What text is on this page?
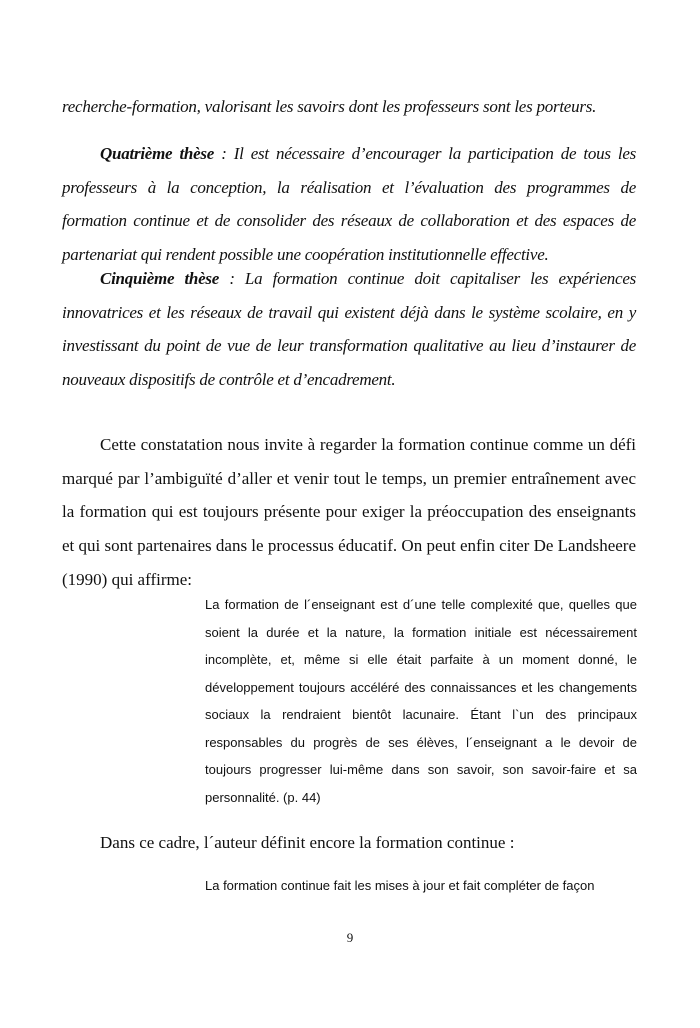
recherche-formation, valorisant les savoirs dont les professeurs sont les porteurs.

Quatrième thèse : Il est nécessaire d’encourager la participation de tous les professeurs à la conception, la réalisation et l’évaluation des programmes de formation continue et de consolider des réseaux de collaboration et des espaces de partenariat qui rendent possible une coopération institutionnelle effective.

Cinquième thèse : La formation continue doit capitaliser les expériences innovatrices et les réseaux de travail qui existent déjà dans le système scolaire, en y investissant du point de vue de leur transformation qualitative au lieu d’instaurer de nouveaux dispositifs de contrôle et d’encadrement.

Cette constatation nous invite à regarder la formation continue comme un défi marqué par l’ambiguïté d’aller et venir tout le temps, un premier entraînement avec la formation qui est toujours présente pour exiger la préoccupation des enseignants et qui sont partenaires dans le processus éducatif. On peut enfin citer De Landsheere (1990) qui affirme:

La formation de l´enseignant est d´une telle complexité que, quelles que soient la durée et la nature, la formation initiale est nécessairement incomplète, et, même si elle était parfaite à un moment donné, le développement toujours accéléré des connaissances et les changements sociaux la rendraient bientôt lacunaire. Étant l`un des principaux responsables du progrès de ses élèves, l´enseignant a le devoir de toujours progresser lui-même dans son savoir, son savoir-faire et sa personnalité. (p. 44)

Dans ce cadre, l´auteur définit encore la formation continue :

La formation continue fait les mises à jour et fait compléter de façon

9
